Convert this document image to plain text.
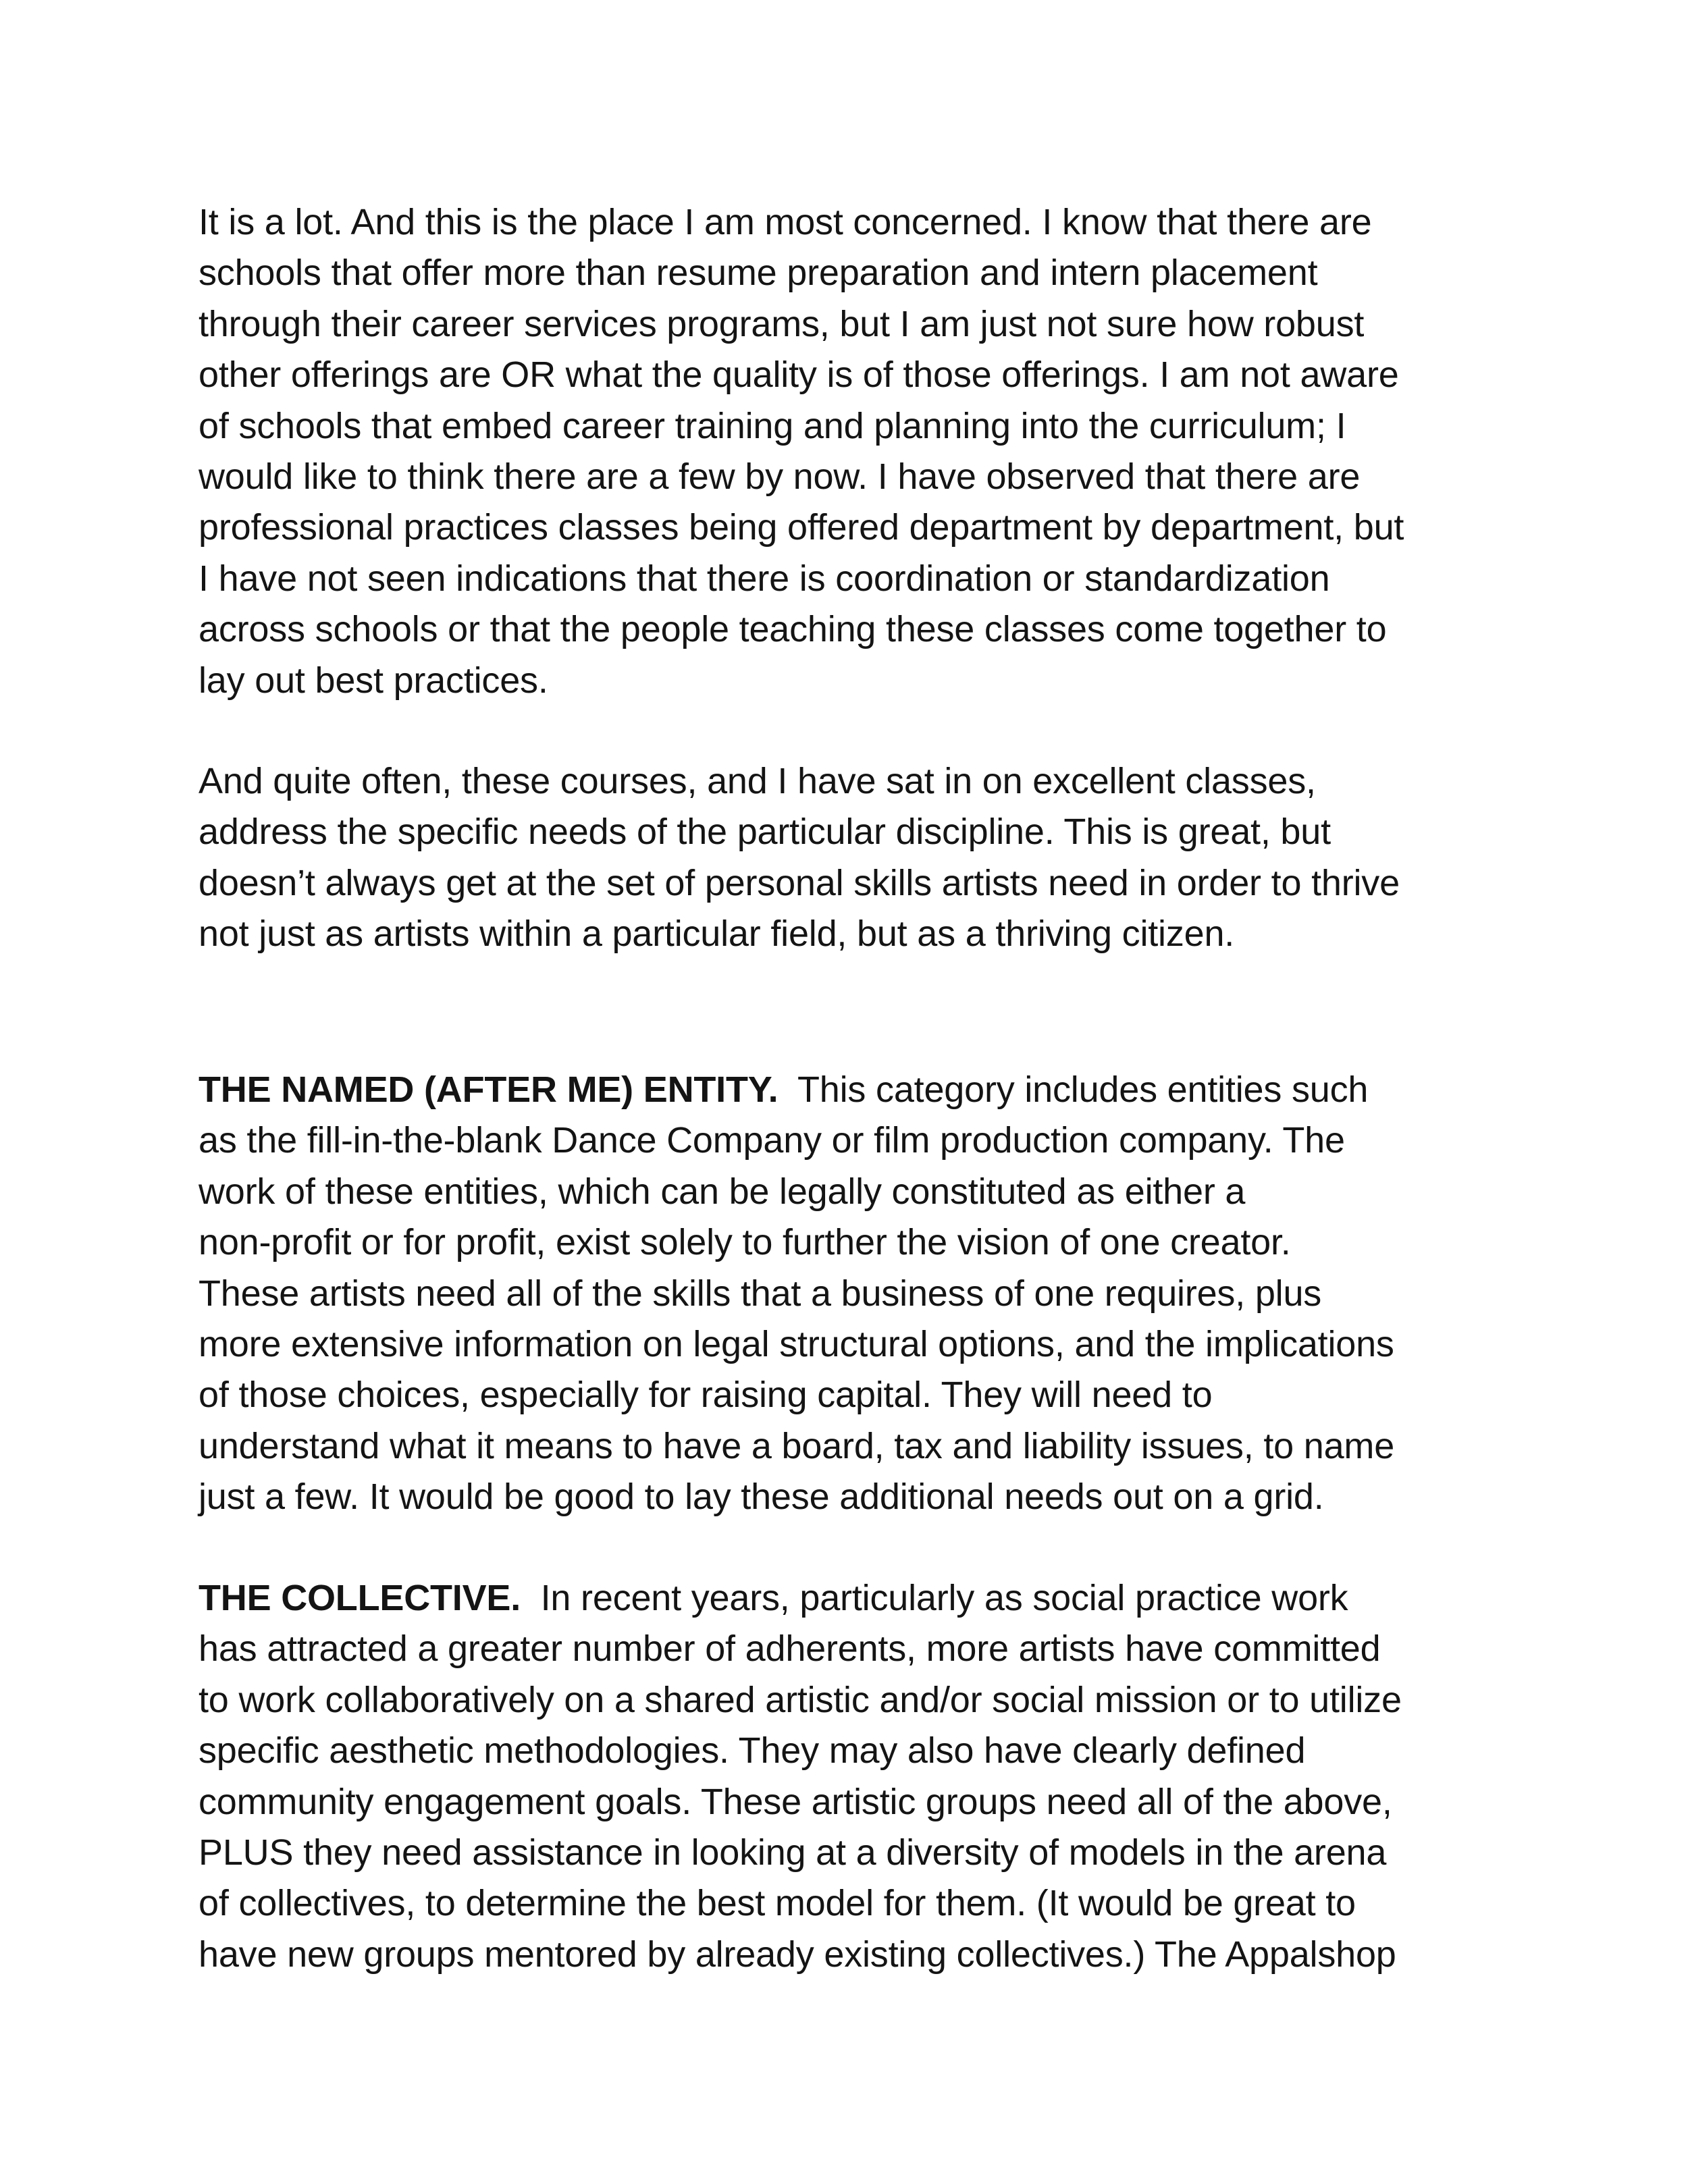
It is a lot. And this is the place I am most concerned. I know that there are
schools that offer more than resume preparation and intern placement
through their career services programs, but I am just not sure how robust
other offerings are OR what the quality is of those offerings. I am not aware
of schools that embed career training and planning into the curriculum; I
would like to think there are a few by now. I have observed that there are
professional practices classes being offered department by department, but
I have not seen indications that there is coordination or standardization
across schools or that the people teaching these classes come together to
lay out best practices.
And quite often, these courses, and I have sat in on excellent classes,
address the specific needs of the particular discipline. This is great, but
doesn’t always get at the set of personal skills artists need in order to thrive
not just as artists within a particular field, but as a thriving citizen.
THE NAMED (AFTER ME) ENTITY.  This category includes entities such
as the fill-in-the-blank Dance Company or film production company. The
work of these entities, which can be legally constituted as either a
non-profit or for profit, exist solely to further the vision of one creator.
These artists need all of the skills that a business of one requires, plus
more extensive information on legal structural options, and the implications
of those choices, especially for raising capital. They will need to
understand what it means to have a board, tax and liability issues, to name
just a few. It would be good to lay these additional needs out on a grid.
THE COLLECTIVE.  In recent years, particularly as social practice work
has attracted a greater number of adherents, more artists have committed
to work collaboratively on a shared artistic and/or social mission or to utilize
specific aesthetic methodologies. They may also have clearly defined
community engagement goals. These artistic groups need all of the above,
PLUS they need assistance in looking at a diversity of models in the arena
of collectives, to determine the best model for them. (It would be great to
have new groups mentored by already existing collectives.) The Appalshop
